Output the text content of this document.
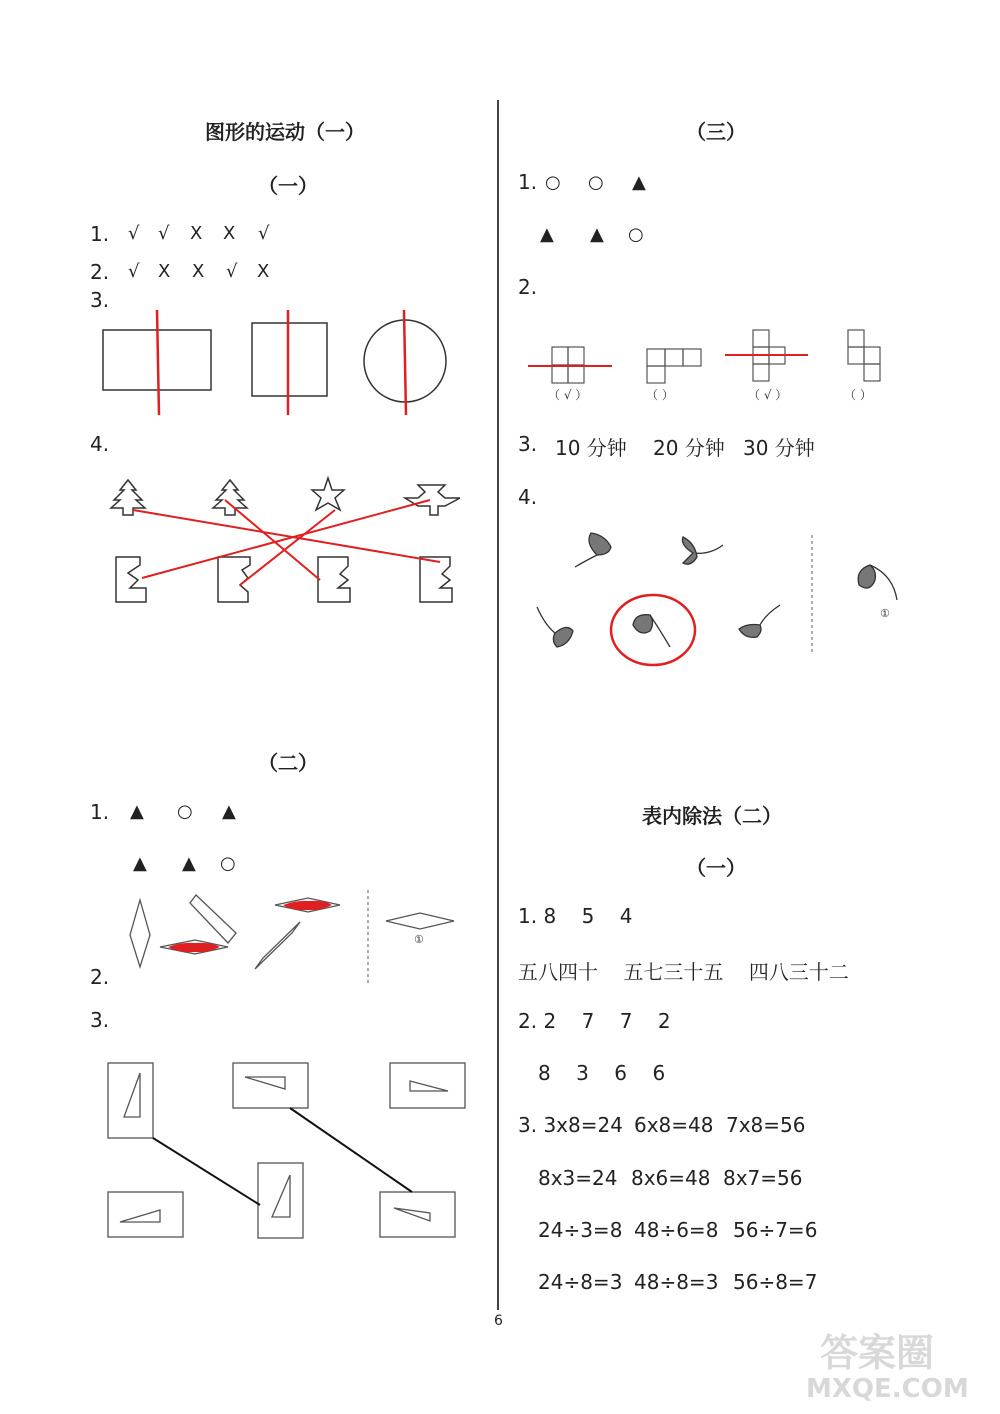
图形的运动（一）
（一）
1. √ √ X X √
2. √ X X √ X
3.
4.
（二）
1. ▲ ○ ▲
▲ ▲ ○
①
2.
3.
（三）
1. ○ ○ ▲
▲ ▲ ○
2.
（ √ ）	（ ）	（ √ ）	（ ）
3. 10 分钟 20 分钟 30 分钟
4.
①
表内除法（二）
（一）
1. 8    5    4
五八四十    五七三十五    四八三十二
2. 2    7    7    2
8    3    6    6
3. 3x8=24 6x8=48 7x8=56
8x3=24 8x6=48 8x7=56
24÷3=8 48÷6=8 56÷7=6
24÷8=3 48÷8=3 56÷8=7
6
答案圈
MXQE.COM
